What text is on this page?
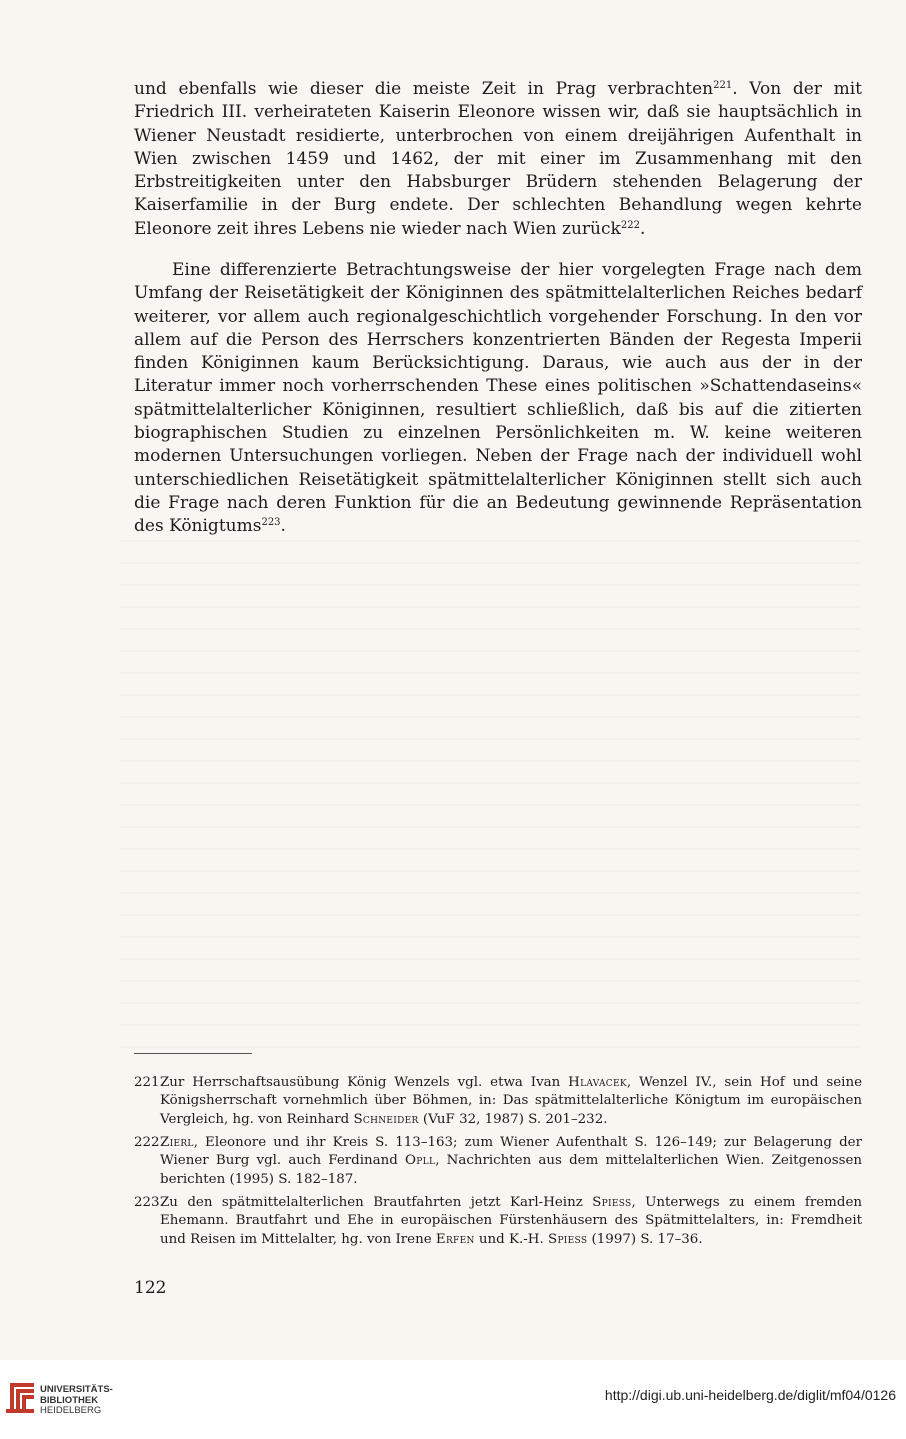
und ebenfalls wie dieser die meiste Zeit in Prag verbrachten$^{221}$. Von der mit Friedrich III. verheirateten Kaiserin Eleonore wissen wir, daß sie hauptsächlich in Wiener Neustadt residierte, unterbrochen von einem dreijährigen Aufenthalt in Wien zwischen 1459 und 1462, der mit einer im Zusammenhang mit den Erbstreitigkeiten unter den Habsburger Brüdern stehenden Belagerung der Kaiserfamilie in der Burg endete. Der schlechten Behandlung wegen kehrte Eleonore zeit ihres Lebens nie wieder nach Wien zurück$^{222}$.

Eine differenzierte Betrachtungsweise der hier vorgelegten Frage nach dem Umfang der Reisetätigkeit der Königinnen des spätmittelalterlichen Reiches bedarf weiterer, vor allem auch regionalgeschichtlich vorgehender Forschung. In den vor allem auf die Person des Herrschers konzentrierten Bänden der Regesta Imperii finden Königinnen kaum Berücksichtigung. Daraus, wie auch aus der in der Literatur immer noch vorherrschenden These eines politischen »Schattendaseins« spätmittelalterlicher Königinnen, resultiert schließlich, daß bis auf die zitierten biographischen Studien zu einzelnen Persönlichkeiten m. W. keine weiteren modernen Untersuchungen vorliegen. Neben der Frage nach der individuell wohl unterschiedlichen Reisetätigkeit spätmittelalterlicher Königinnen stellt sich auch die Frage nach deren Funktion für die an Bedeutung gewinnende Repräsentation des Königtums$^{223}$.

221Zur Herrschaftsausübung König Wenzels vgl. etwa Ivan Hlavacek, Wenzel IV., sein Hof und seine Königsherrschaft vornehmlich über Böhmen, in: Das spätmittelalterliche Königtum im europäischen Vergleich, hg. von Reinhard Schneider (VuF 32, 1987) S. 201–232.

222Zierl, Eleonore und ihr Kreis S. 113–163; zum Wiener Aufenthalt S. 126–149; zur Belagerung der Wiener Burg vgl. auch Ferdinand Opll, Nachrichten aus dem mittelalterlichen Wien. Zeitgenossen berichten (1995) S. 182–187.

223Zu den spätmittelalterlichen Brautfahrten jetzt Karl-Heinz Spiess, Unterwegs zu einem fremden Ehemann. Brautfahrt und Ehe in europäischen Fürstenhäusern des Spätmittelalters, in: Fremdheit und Reisen im Mittelalter, hg. von Irene Erfen und K.-H. Spiess (1997) S. 17–36.

122
UNIVERSITÄTS-
BIBLIOTHEK
HEIDELBERG
http://digi.ub.uni-heidelberg.de/diglit/mf04/0126
